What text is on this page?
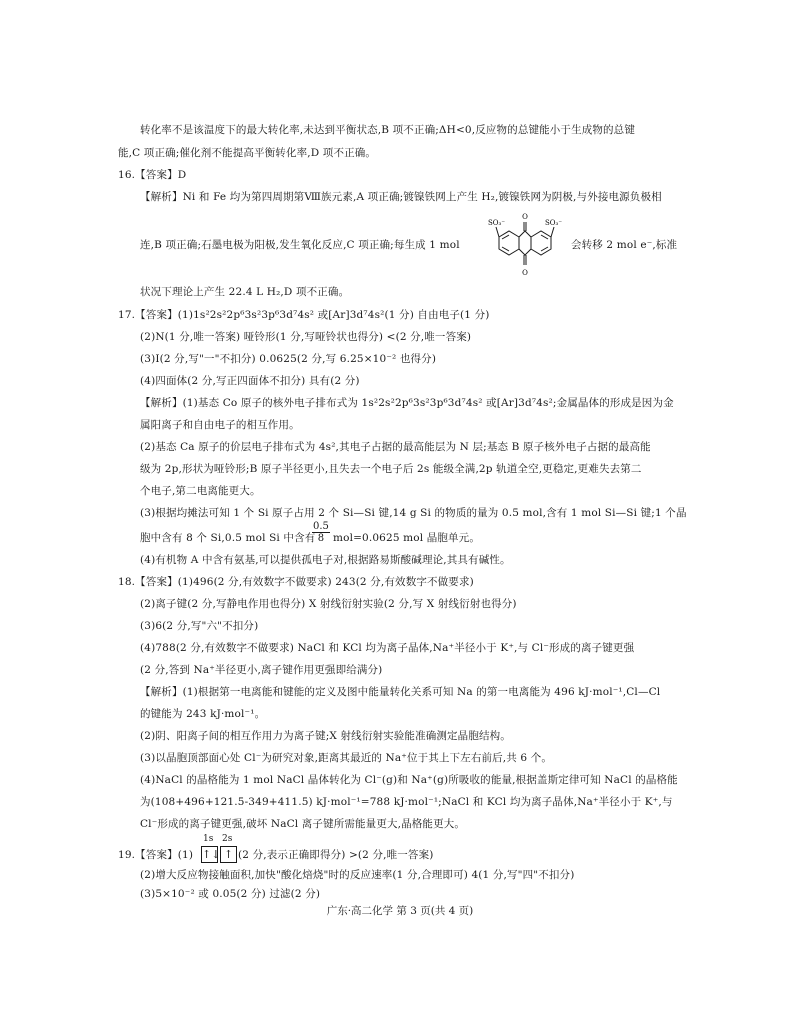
转化率不是该温度下的最大转化率,未达到平衡状态,B 项不正确;ΔH<0,反应物的总键能小于生成物的总键
能,C 项正确;催化剂不能提高平衡转化率,D 项不正确。
16.【答案】D
【解析】Ni 和 Fe 均为第四周期第Ⅷ族元素,A 项正确;镀镍铁网上产生 H₂,镀镍铁网为阴极,与外接电源负极相
连,B 项正确;石墨电极为阳极,发生氧化反应,C 项正确;每生成 1 mol	会转移 2 mol e⁻,标准
O
O
SO₃⁻	SO₃⁻
状况下理论上产生 22.4 L H₂,D 项不正确。
17.【答案】(1)1s²2s²2p⁶3s²3p⁶3d⁷4s² 或[Ar]3d⁷4s²(1 分) 自由电子(1 分)
(2)N(1 分,唯一答案) 哑铃形(1 分,写哑铃状也得分) <(2 分,唯一答案)
(3)Ⅰ(2 分,写"一"不扣分) 0.0625(2 分,写 6.25×10⁻² 也得分)
(4)四面体(2 分,写正四面体不扣分) 具有(2 分)
【解析】(1)基态 Co 原子的核外电子排布式为 1s²2s²2p⁶3s²3p⁶3d⁷4s² 或[Ar]3d⁷4s²;金属晶体的形成是因为金
属阳离子和自由电子的相互作用。
(2)基态 Ca 原子的价层电子排布式为 4s²,其电子占据的最高能层为 N 层;基态 B 原子核外电子占据的最高能
级为 2p,形状为哑铃形;B 原子半径更小,且失去一个电子后 2s 能级全满,2p 轨道全空,更稳定,更难失去第二
个电子,第二电离能更大。
(3)根据均摊法可知 1 个 Si 原子占用 2 个 Si—Si 键,14 g Si 的物质的量为 0.5 mol,含有 1 mol Si—Si 键;1 个晶
胞中含有 8 个 Si,0.5 mol Si 中含有
$\frac{0.5}{8} mol=0.0625$ mol 晶胞单元。
(4)有机物 A 中含有氨基,可以提供孤电子对,根据路易斯酸碱理论,其具有碱性。
18.【答案】(1)496(2 分,有效数字不做要求) 243(2 分,有效数字不做要求)
(2)离子键(2 分,写静电作用也得分) X 射线衍射实验(2 分,写 X 射线衍射也得分)
(3)6(2 分,写"六"不扣分)
(4)788(2 分,有效数字不做要求) NaCl 和 KCl 均为离子晶体,Na⁺半径小于 K⁺,与 Cl⁻形成的离子键更强
(2 分,答到 Na⁺半径更小,离子键作用更强即给满分)
【解析】(1)根据第一电离能和键能的定义及图中能量转化关系可知 Na 的第一电离能为 496 kJ·mol⁻¹,Cl—Cl
的键能为 243 kJ·mol⁻¹。
(2)阴、阳离子间的相互作用力为离子键;X 射线衍射实验能准确测定晶胞结构。
(3)以晶胞顶部面心处 Cl⁻为研究对象,距离其最近的 Na⁺位于其上下左右前后,共 6 个。
(4)NaCl 的晶格能为 1 mol NaCl 晶体转化为 Cl⁻(g)和 Na⁺(g)所吸收的能量,根据盖斯定律可知 NaCl 的晶格能
为(108+496+121.5-349+411.5) kJ·mol⁻¹=788 kJ·mol⁻¹;NaCl 和 KCl 均为离子晶体,Na⁺半径小于 K⁺,与
Cl⁻形成的离子键更强,破坏 NaCl 离子键所需能量更大,晶格能更大。
19.【答案】(1)
1s 2s
↑↓ ↑ (2 分,表示正确即得分) >(2 分,唯一答案)
(2)增大反应物接触面积,加快"酸化焙烧"时的反应速率(1 分,合理即可) 4(1 分,写"四"不扣分)
(3)5×10⁻² 或 0.05(2 分) 过滤(2 分)
广东·高二化学 第 3 页(共 4 页)
